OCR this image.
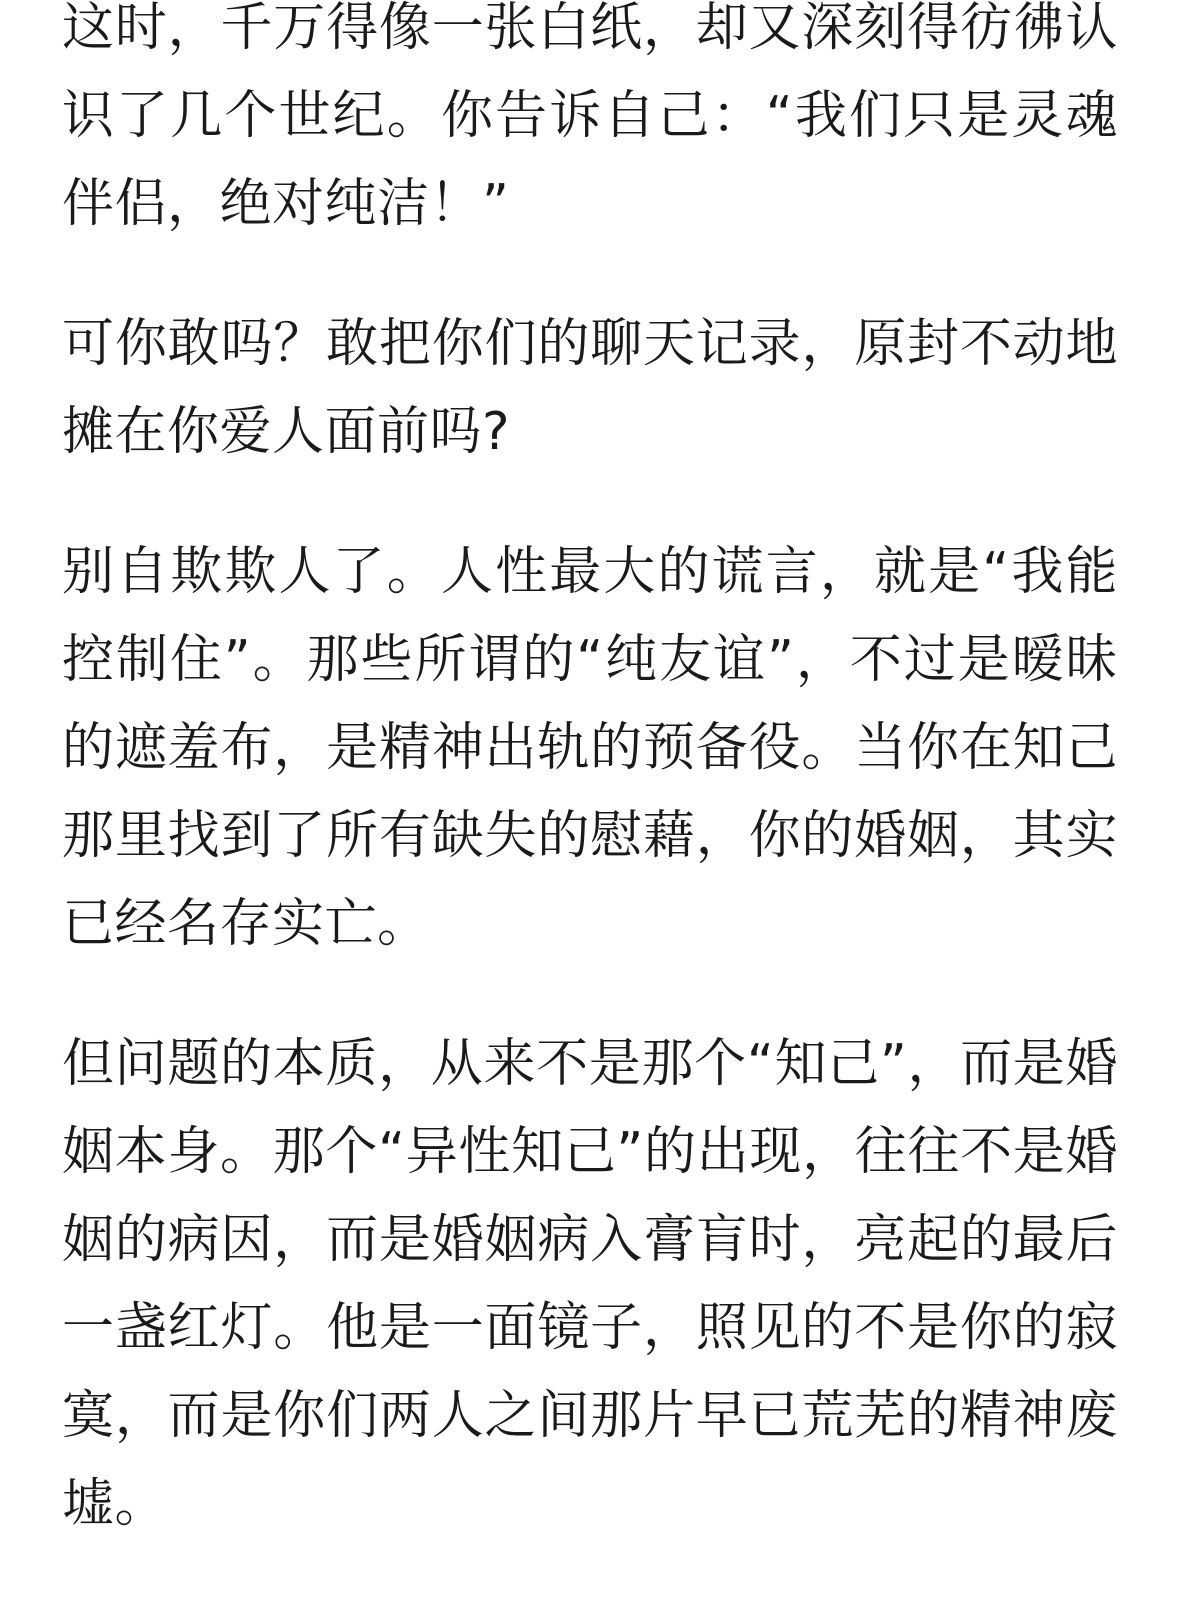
这时，千万得像一张白纸，却又深刻得彷彿认识了几个世纪。你告诉自己：“我们只是灵魂伴侣，绝对纯洁！”

可你敢吗？敢把你们的聊天记录，原封不动地摊在你爱人面前吗?

别自欺欺人了。人性最大的谎言，就是“我能控制住”。那些所谓的“纯友谊”，不过是暧昧的遮羞布，是精神出轨的预备役。当你在知己那里找到了所有缺失的慰藉，你的婚姻，其实已经名存实亡。

但问题的本质，从来不是那个“知己”，而是婚姻本身。那个“异性知己”的出现，往往不是婚姻的病因，而是婚姻病入膏肓时，亮起的最后一盏红灯。他是一面镜子，照见的不是你的寂寞，而是你们两人之间那片早已荒芜的精神废墟。
